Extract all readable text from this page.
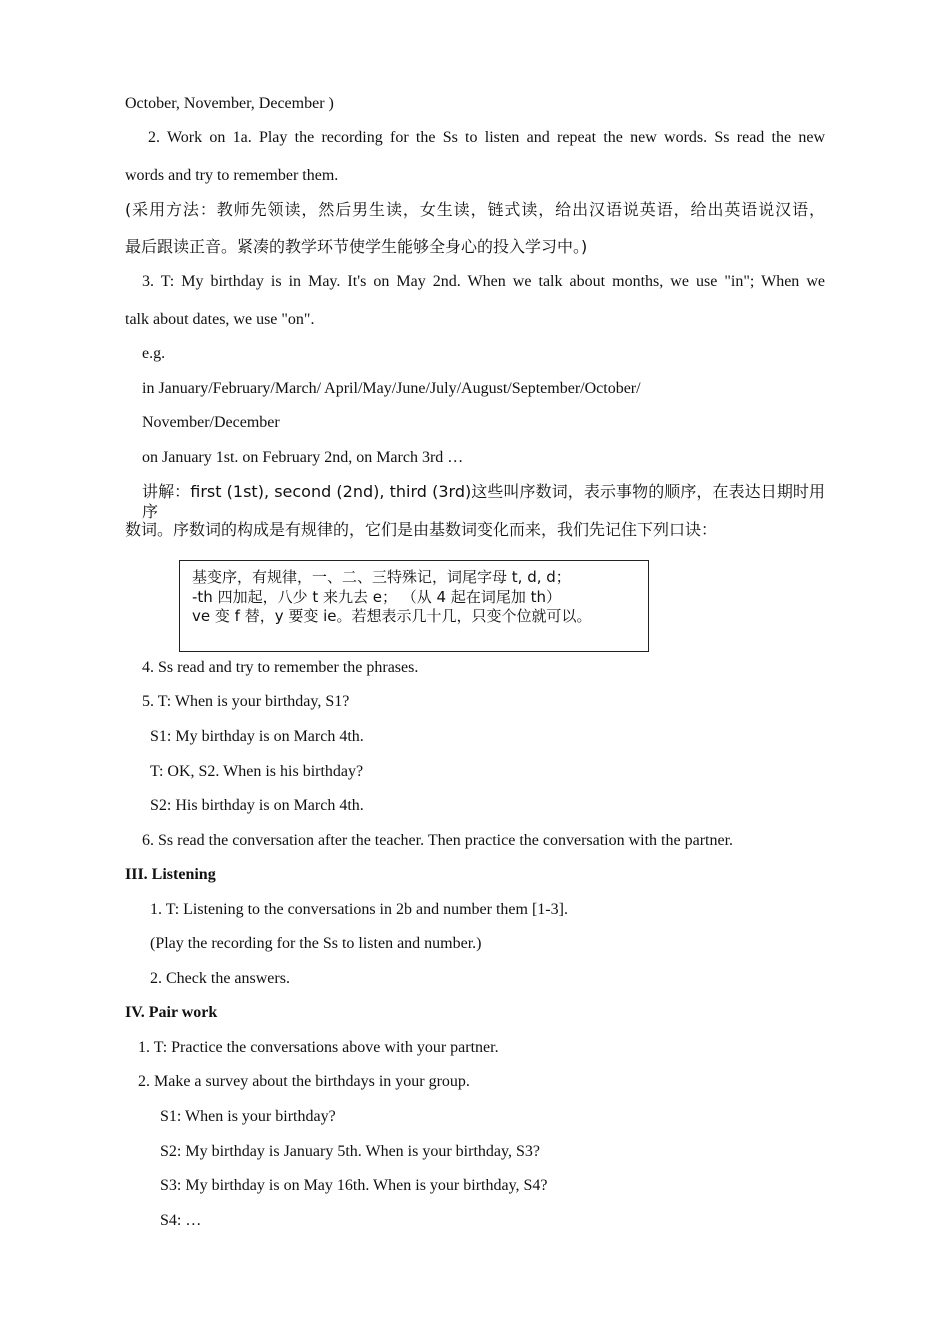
October, November, December )
2. Work on 1a. Play the recording for the Ss to listen and repeat the new words. Ss read the new
words and try to remember them.
(采用方法：教师先领读，然后男生读，女生读，链式读，给出汉语说英语，给出英语说汉语，
最后跟读正音。紧凑的教学环节使学生能够全身心的投入学习中。)
3. T: My birthday is in May. It's on May 2nd. When we talk about months, we use "in"; When we
talk about dates, we use "on".
e.g.
in January/February/March/ April/May/June/July/August/September/October/
November/December
on January 1st. on February 2nd, on March 3rd …
讲解：first (1st), second (2nd), third (3rd)这些叫序数词，表示事物的顺序，在表达日期时用序
数词。序数词的构成是有规律的，它们是由基数词变化而来，我们先记住下列口诀：
基变序，有规律，一、二、三特殊记，词尾字母 t, d, d；
-th 四加起，八少 t 来九去 e； （从 4 起在词尾加 th）
ve 变 f 替，y 要变 ie。若想表示几十几，只变个位就可以。
4. Ss read and try to remember the phrases.
5. T: When is your birthday, S1?
S1: My birthday is on March 4th.
T: OK, S2. When is his birthday?
S2: His birthday is on March 4th.
6. Ss read the conversation after the teacher. Then practice the conversation with the partner.
III. Listening
1. T: Listening to the conversations in 2b and number them [1-3].
(Play the recording for the Ss to listen and number.)
2. Check the answers.
IV. Pair work
1. T: Practice the conversations above with your partner.
2. Make a survey about the birthdays in your group.
S1: When is your birthday?
S2: My birthday is January 5th. When is your birthday, S3?
S3: My birthday is on May 16th. When is your birthday, S4?
S4: …
